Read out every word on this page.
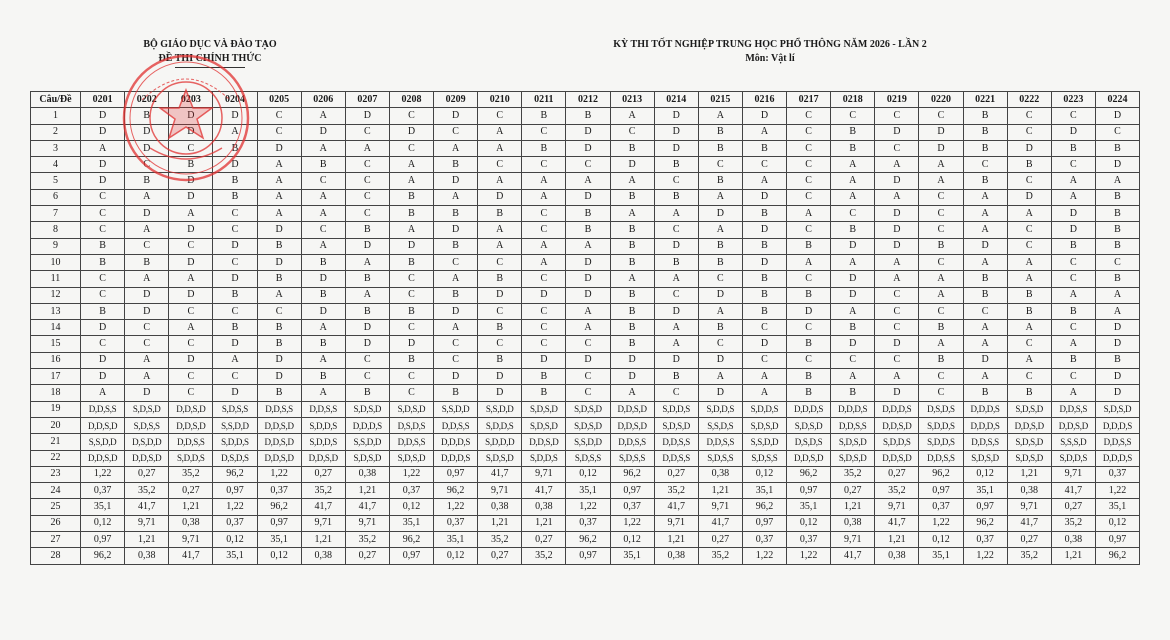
BỘ GIÁO DỤC VÀ ĐÀO TẠO
ĐỀ THI CHÍNH THỨC
KỲ THI TỐT NGHIỆP TRUNG HỌC PHỔ THÔNG NĂM 2026 - LẦN 2
Môn: Vật lí
Câu/Đề	0201	0202	0203	0204	0205	0206	0207	0208	0209	0210	0211	0212	0213	0214	0215	0216	0217	0218	0219	0220	0221	0222	0223	0224
1	D	B	D	D	C	A	D	C	D	C	B	B	A	D	A	D	C	C	C	C	B	C	C	D
2	D	D	D	A	C	D	C	D	C	A	C	D	C	D	B	A	C	B	D	D	B	C	D	C
3	A	D	C	B	D	A	A	C	A	A	B	D	B	D	B	B	C	B	C	D	B	D	B	B
4	D	C	B	D	A	B	C	A	B	C	C	C	D	B	C	C	C	A	A	A	C	B	C	D
5	D	B	D	B	A	C	C	A	D	A	A	A	A	C	B	A	C	A	D	A	B	C	A	A
6	C	A	D	B	A	A	C	B	A	D	A	D	B	B	A	D	C	A	A	C	A	D	A	B
7	C	D	A	C	A	A	C	B	B	B	C	B	A	A	D	B	A	C	D	C	A	A	D	B
8	C	A	D	C	D	C	B	A	D	A	C	B	B	C	A	D	C	B	D	C	A	C	D	B
9	B	C	C	D	B	A	D	D	B	A	A	A	B	D	B	B	B	D	D	B	D	C	B	B
10	B	B	D	C	D	B	A	B	C	C	A	D	B	B	B	D	A	A	A	C	A	A	C	C
11	C	A	A	D	B	D	B	C	A	B	C	D	A	A	C	B	C	D	A	A	B	A	C	B
12	C	D	D	B	A	B	A	C	B	D	D	D	B	C	D	B	B	D	C	A	B	B	A	A
13	B	D	C	C	C	D	B	B	D	C	C	A	B	D	A	B	D	A	C	C	C	B	B	A
14	D	C	A	B	B	A	D	C	A	B	C	A	B	A	B	C	C	B	C	B	A	A	C	D
15	C	C	C	D	B	B	D	D	C	C	C	C	B	A	C	D	B	D	D	A	A	C	A	D
16	D	A	D	A	D	A	C	B	C	B	D	D	D	D	D	C	C	C	C	B	D	A	B	B
17	D	A	C	C	D	B	C	C	D	D	B	C	D	B	A	A	B	A	A	C	A	C	C	D
18	A	D	C	D	B	A	B	C	B	D	B	C	A	C	D	A	B	B	D	C	B	B	A	D
19	D,D,S,S	S,D,S,D	D,D,S,D	S,D,S,S	D,D,S,S	D,D,S,S	S,D,S,D	S,D,S,D	S,S,D,D	S,S,D,D	S,D,S,D	S,D,S,D	D,D,S,D	S,D,D,S	S,D,D,S	S,D,D,S	D,D,D,S	D,D,D,S	D,D,D,S	D,S,D,S	D,D,D,S	S,D,S,D	D,D,S,S	S,D,S,D
20	D,D,S,D	S,D,S,S	D,D,S,D	S,S,D,D	D,D,S,D	S,D,D,S	D,D,D,S	D,S,D,S	D,D,S,S	S,D,D,S	S,D,S,D	S,D,S,D	D,D,S,D	S,D,S,D	S,S,D,S	S,D,S,D	S,D,S,D	D,D,S,S	D,D,S,D	S,D,D,S	D,D,D,S	D,D,S,D	D,D,S,D	D,D,D,S
21	S,S,D,D	D,S,D,D	D,D,S,S	S,D,D,S	D,D,S,D	S,D,D,S	S,S,D,D	D,D,S,S	D,D,D,S	S,D,D,D	D,D,S,D	S,S,D,D	D,D,S,S	D,D,S,S	D,D,S,S	S,S,D,D	D,S,D,S	S,D,S,D	S,D,D,S	S,D,D,S	D,D,S,S	S,D,S,D	S,S,S,D	D,D,S,S
22	D,D,S,D	D,D,S,D	S,D,D,S	D,S,D,S	D,D,S,D	D,D,S,D	S,D,S,D	S,D,S,D	D,D,D,S	S,D,S,D	S,D,D,S	S,D,S,S	S,D,S,S	D,D,S,S	S,D,S,S	S,D,S,S	D,D,S,D	S,D,S,D	D,D,S,D	D,D,S,S	S,D,S,D	S,D,S,D	S,D,D,S	D,D,D,S
23	1,22	0,27	35,2	96,2	1,22	0,27	0,38	1,22	0,97	41,7	9,71	0,12	96,2	0,27	0,38	0,12	96,2	35,2	0,27	96,2	0,12	1,21	9,71	0,37
24	0,37	35,2	0,27	0,97	0,37	35,2	1,21	0,37	96,2	9,71	41,7	35,1	0,97	35,2	1,21	35,1	0,97	0,27	35,2	0,97	35,1	0,38	41,7	1,22
25	35,1	41,7	1,21	1,22	96,2	41,7	41,7	0,12	1,22	0,38	0,38	1,22	0,37	41,7	9,71	96,2	35,1	1,21	9,71	0,37	0,97	9,71	0,27	35,1
26	0,12	9,71	0,38	0,37	0,97	9,71	9,71	35,1	0,37	1,21	1,21	0,37	1,22	9,71	41,7	0,97	0,12	0,38	41,7	1,22	96,2	41,7	35,2	0,12
27	0,97	1,21	9,71	0,12	35,1	1,21	35,2	96,2	35,1	35,2	0,27	96,2	0,12	1,21	0,27	0,37	0,37	9,71	1,21	0,12	0,37	0,27	0,38	0,97
28	96,2	0,38	41,7	35,1	0,12	0,38	0,27	0,97	0,12	0,27	35,2	0,97	35,1	0,38	35,2	1,22	1,22	41,7	0,38	35,1	1,22	35,2	1,21	96,2
